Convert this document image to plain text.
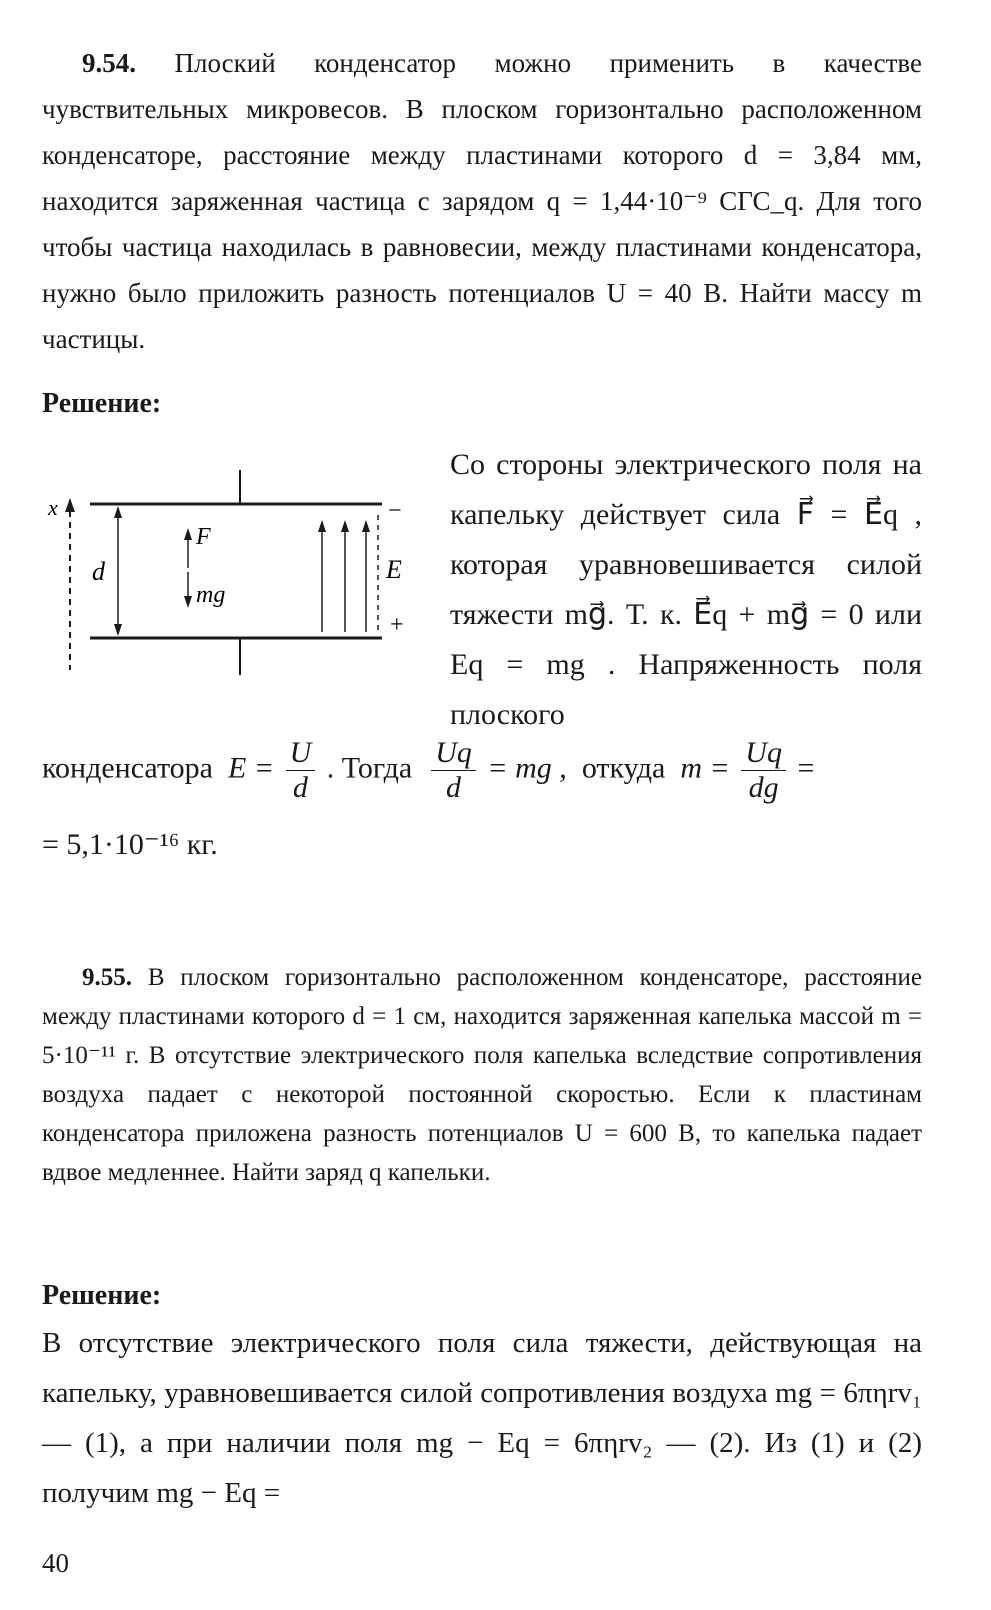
9.54. Плоский конденсатор можно применить в качестве чувствительных микровесов. В плоском горизонтально расположенном конденсаторе, расстояние между пластинами которого d = 3,84 мм, находится заряженная частица с зарядом q = 1,44·10⁻⁹ СГС_q. Для того чтобы частица находилась в равновесии, между пластинами конденсатора, нужно было приложить разность потенциалов U = 40 В. Найти массу m частицы.

Решение:

x
d
F⃗
mg⃗
E⃗
−
+

Со стороны электрического поля на капельку действует сила F⃗ = E⃗q , которая уравновешивается силой тяжести mg⃗. Т. к. E⃗q + mg⃗ = 0 или Eq = mg . Напряженность поля плоского

конденсатора $E = \frac{U}{d}$ . Тогда $\frac{Uq}{d}$ = mg , откуда $m = \frac{Uq}{dg}$ =

= 5,1·10⁻¹⁶ кг.

9.55. В плоском горизонтально расположенном конденсаторе, расстояние между пластинами которого d = 1 см, находится заряженная капелька массой m = 5·10⁻¹¹ г. В отсутствие электрического поля капелька вследствие сопротивления воздуха падает с некоторой постоянной скоростью. Если к пластинам конденсатора приложена разность потенциалов U = 600 В, то капелька падает вдвое медленнее. Найти заряд q капельки.

Решение:

В отсутствие электрического поля сила тяжести, действующая на капельку, уравновешивается силой сопротивления воздуха mg = 6πηrv₁ — (1), а при наличии поля mg − Eq = 6πηrv₂ — (2). Из (1) и (2) получим mg − Eq =

40
